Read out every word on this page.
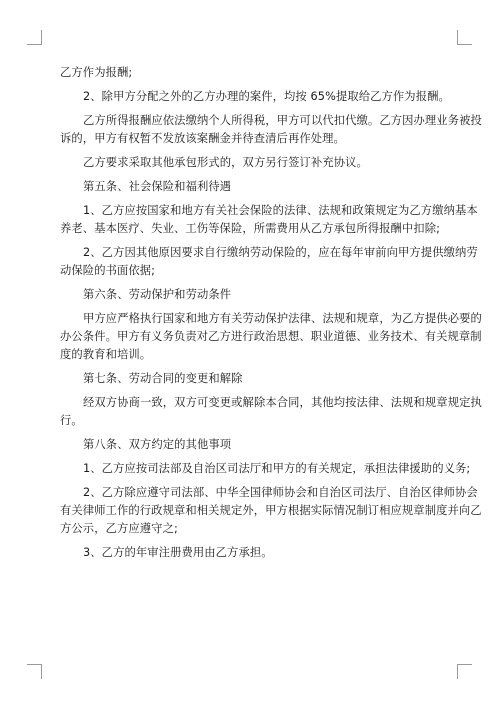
乙方作为报酬;
2、除甲方分配之外的乙方办理的案件，均按 65%提取给乙方作为报酬。
乙方所得报酬应依法缴纳个人所得税，甲方可以代扣代缴。乙方因办理业务被投
诉的，甲方有权暂不发放该案酬金并待查清后再作处理。
乙方要求采取其他承包形式的，双方另行签订补充协议。
第五条、社会保险和福利待遇
1、乙方应按国家和地方有关社会保险的法律、法规和政策规定为乙方缴纳基本
养老、基本医疗、失业、工伤等保险，所需费用从乙方承包所得报酬中扣除;
2、乙方因其他原因要求自行缴纳劳动保险的，应在每年审前向甲方提供缴纳劳
动保险的书面依据;
第六条、劳动保护和劳动条件
甲方应严格执行国家和地方有关劳动保护法律、法规和规章，为乙方提供必要的
办公条件。甲方有义务负责对乙方进行政治思想、职业道德、业务技术、有关规章制
度的教育和培训。
第七条、劳动合同的变更和解除
经双方协商一致，双方可变更或解除本合同，其他均按法律、法规和规章规定执
行。
第八条、双方约定的其他事项
1、乙方应按司法部及自治区司法厅和甲方的有关规定，承担法律援助的义务;
2、乙方除应遵守司法部、中华全国律师协会和自治区司法厅、自治区律师协会
有关律师工作的行政规章和相关规定外，甲方根据实际情况制订相应规章制度并向乙
方公示，乙方应遵守之;
3、乙方的年审注册费用由乙方承担。
